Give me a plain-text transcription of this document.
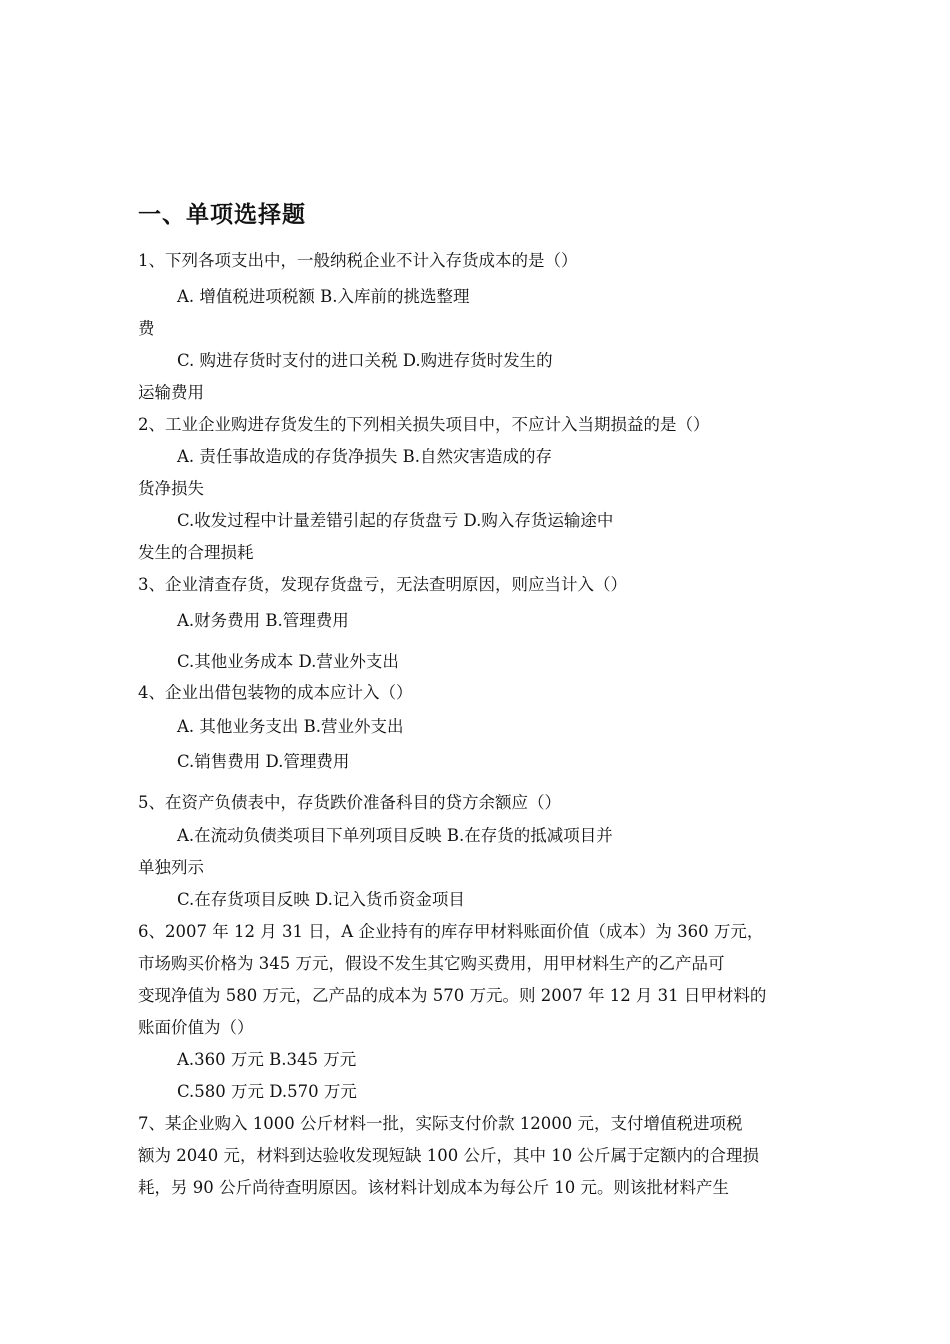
一、单项选择题
1、下列各项支出中，一般纳税企业不计入存货成本的是（）
A. 增值税进项税额 B.入库前的挑选整理
费
C. 购进存货时支付的进口关税 D.购进存货时发生的
运输费用
2、工业企业购进存货发生的下列相关损失项目中，不应计入当期损益的是（）
A. 责任事故造成的存货净损失 B.自然灾害造成的存
货净损失
C.收发过程中计量差错引起的存货盘亏 D.购入存货运输途中
发生的合理损耗
3、企业清查存货，发现存货盘亏，无法查明原因，则应当计入（）
A.财务费用 B.管理费用
C.其他业务成本 D.营业外支出
4、企业出借包装物的成本应计入（）
A. 其他业务支出 B.营业外支出
C.销售费用 D.管理费用
5、在资产负债表中，存货跌价准备科目的贷方余额应（）
A.在流动负债类项目下单列项目反映 B.在存货的抵减项目并
单独列示
C.在存货项目反映 D.记入货币资金项目
6、2007 年 12 月 31 日，A 企业持有的库存甲材料账面价值（成本）为 360 万元，
市场购买价格为 345 万元，假设不发生其它购买费用，用甲材料生产的乙产品可
变现净值为 580 万元，乙产品的成本为 570 万元。则 2007 年 12 月 31 日甲材料的
账面价值为（）
A.360 万元 B.345 万元
C.580 万元 D.570 万元
7、某企业购入 1000 公斤材料一批，实际支付价款 12000 元，支付增值税进项税
额为 2040 元，材料到达验收发现短缺 100 公斤，其中 10 公斤属于定额内的合理损
耗，另 90 公斤尚待查明原因。该材料计划成本为每公斤 10 元。则该批材料产生
